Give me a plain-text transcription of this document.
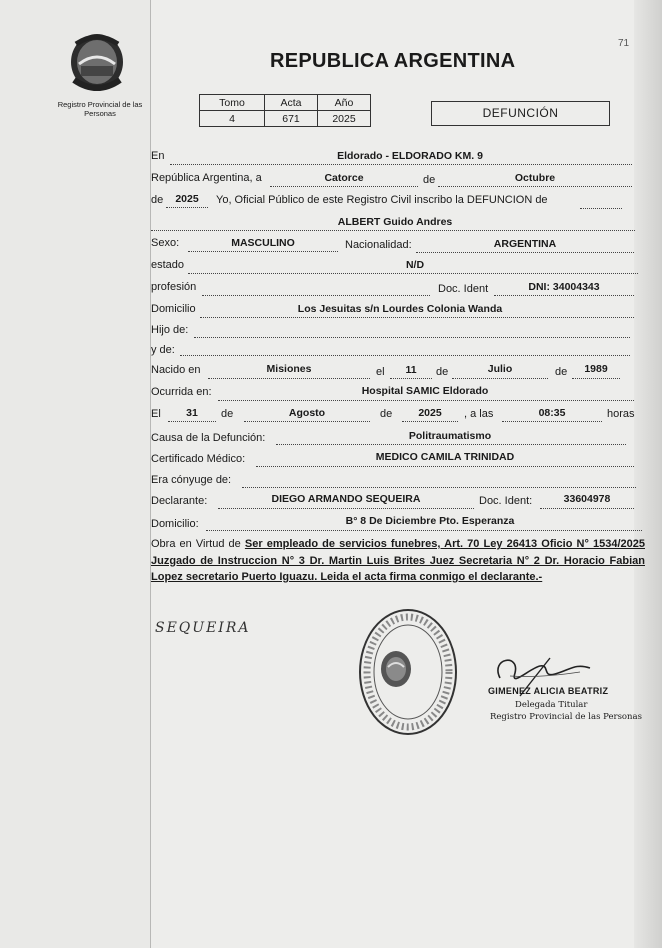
Registro Provincial de las Personas
71
REPUBLICA ARGENTINA
Tomo	Acta	Año
4	671	2025	DEFUNCIÓN
En	Eldorado - ELDORADO KM. 9
República Argentina, a	Catorce	de	Octubre
de	2025	Yo, Oficial Público de este Registro Civil inscribo la DEFUNCION de
ALBERT Guido Andres
Sexo:	MASCULINO	Nacionalidad:	ARGENTINA
estado	N/D
profesión	Doc. Ident	DNI: 34004343
Domicilio	Los Jesuitas s/n Lourdes Colonia Wanda
Hijo de:
y de:
Nacido en	Misiones	el	11	de	Julio	de	1989
Ocurrida en:	Hospital SAMIC Eldorado
El	31	de	Agosto	de	2025	, a las	08:35	horas
Causa de la Defunción:	Politraumatismo
Certificado Médico:	MEDICO CAMILA TRINIDAD
Era cónyuge de:
Declarante:	DIEGO ARMANDO SEQUEIRA	Doc. Ident:	33604978
Domicilio:	B° 8 De Diciembre Pto. Esperanza
Obra en Virtud de Ser empleado de servicios funebres, Art. 70 Ley 26413 Oficio N° 1534/2025 Juzgado de Instruccion N° 3 Dr. Martin Luis Brites Juez Secretaria N° 2 Dr. Horacio Fabian Lopez secretario Puerto Iguazu. Leida el acta firma conmigo el declarante.-
SEQUEIRA
GIMENEZ ALICIA BEATRIZ
Delegada Titular
Registro Provincial de las Personas
